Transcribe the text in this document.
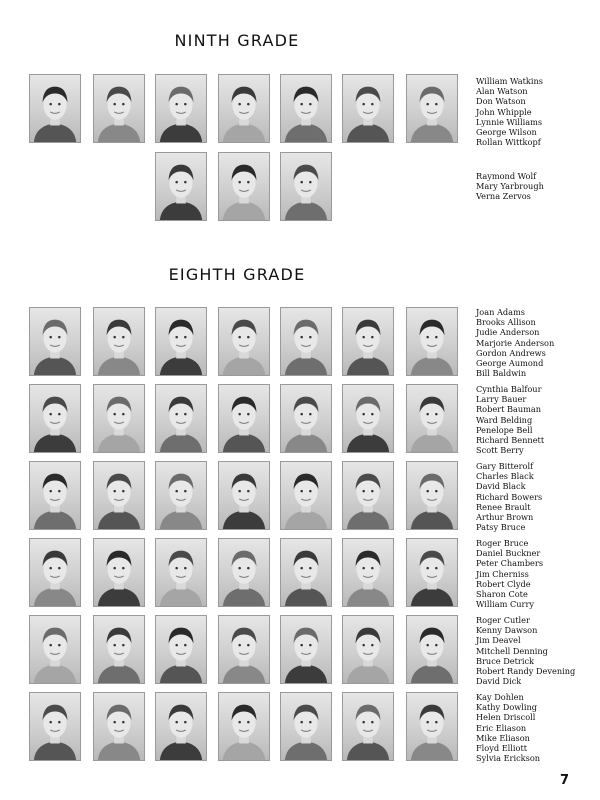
NINTH GRADE
EIGHTH GRADE
William Watkins
Alan Watson
Don Watson
John Whipple
Lynnie Williams
George Wilson
Rollan Wittkopf
Raymond Wolf
Mary Yarbrough
Verna Zervos
Joan Adams
Brooks Allison
Judie Anderson
Marjorie Anderson
Gordon Andrews
George Aumond
Bill Baldwin
Cynthia Balfour
Larry Bauer
Robert Bauman
Ward Belding
Penelope Bell
Richard Bennett
Scott Berry
Gary Bitterolf
Charles Black
David Black
Richard Bowers
Renee Brault
Arthur Brown
Patsy Bruce
Roger Bruce
Daniel Buckner
Peter Chambers
Jim Cherniss
Robert Clyde
Sharon Cote
William Curry
Roger Cutler
Kenny Dawson
Jim Deavel
Mitchell Denning
Bruce Detrick
Robert Randy Devening
David Dick
Kay Dohlen
Kathy Dowling
Helen Driscoll
Eric Eliason
Mike Eliason
Floyd Elliott
Sylvia Erickson
7
